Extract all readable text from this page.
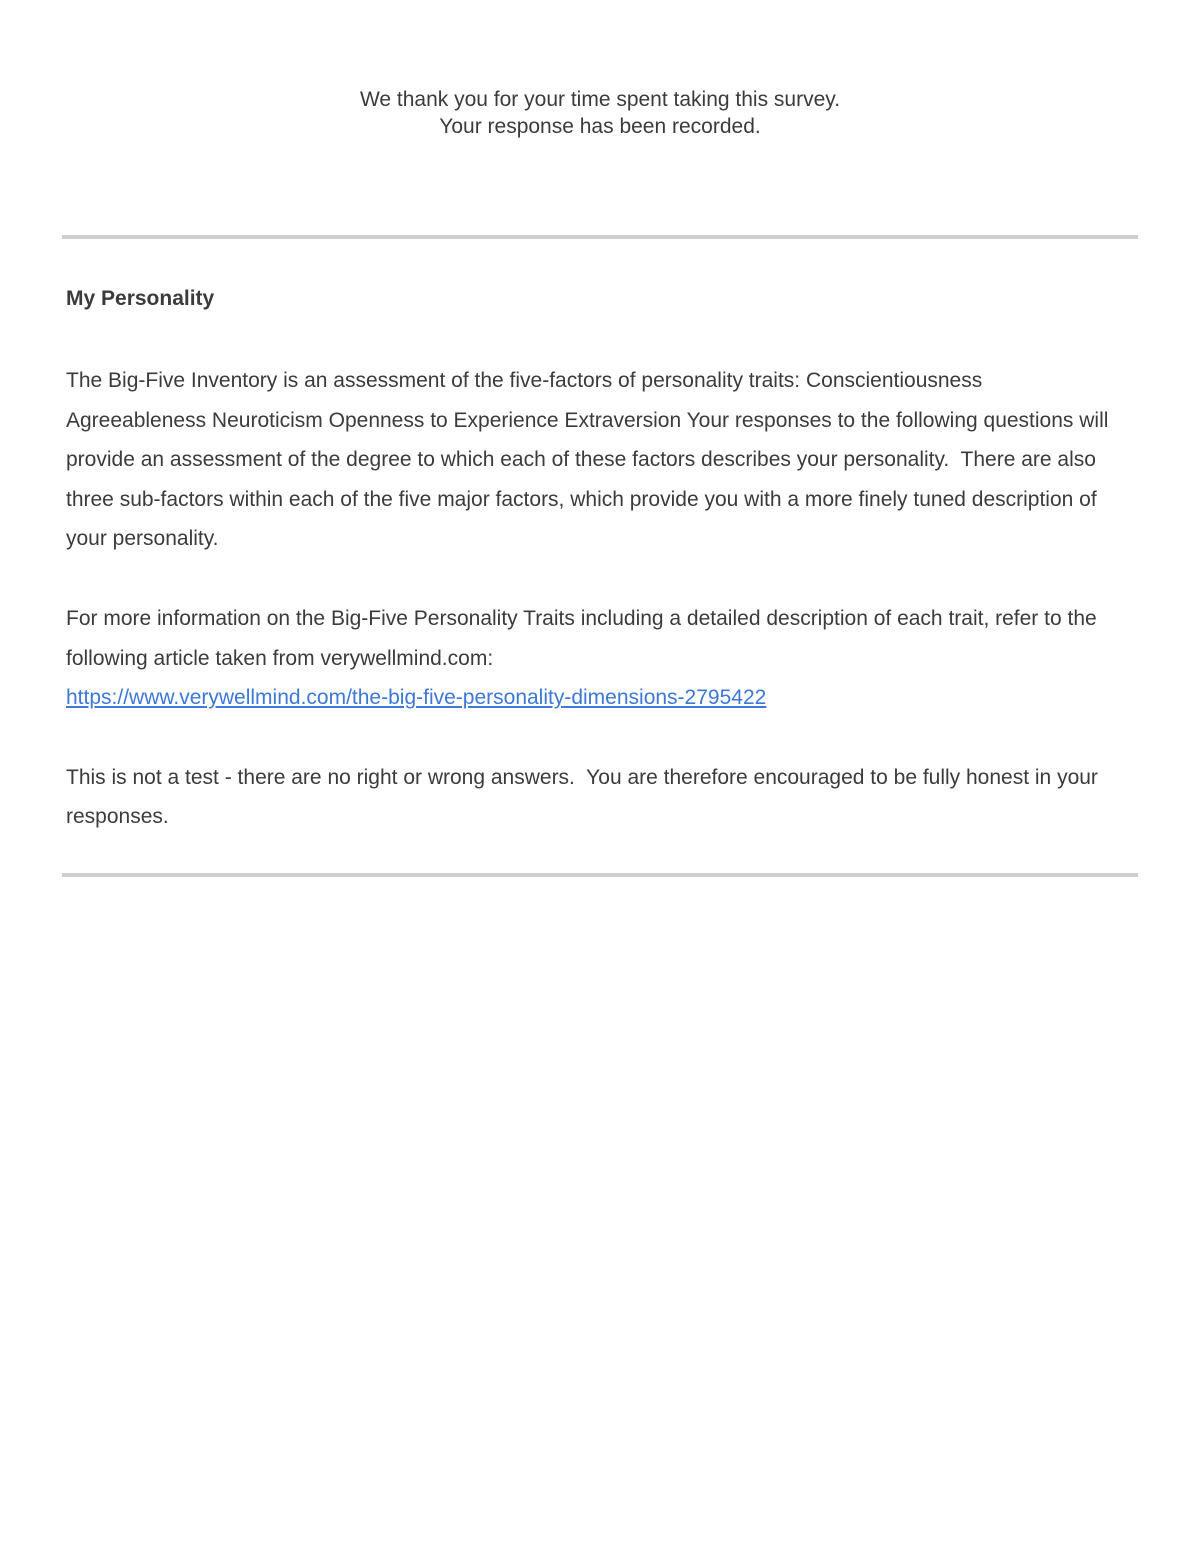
We thank you for your time spent taking this survey.
Your response has been recorded.

My Personality

The Big-Five Inventory is an assessment of the five-factors of personality traits: Conscientiousness Agreeableness Neuroticism Openness to Experience Extraversion Your responses to the following questions will provide an assessment of the degree to which each of these factors describes your personality.  There are also three sub-factors within each of the five major factors, which provide you with a more finely tuned description of your personality.

For more information on the Big-Five Personality Traits including a detailed description of each trait, refer to the following article taken from verywellmind.com:
https://www.verywellmind.com/the-big-five-personality-dimensions-2795422

This is not a test - there are no right or wrong answers.  You are therefore encouraged to be fully honest in your responses.
